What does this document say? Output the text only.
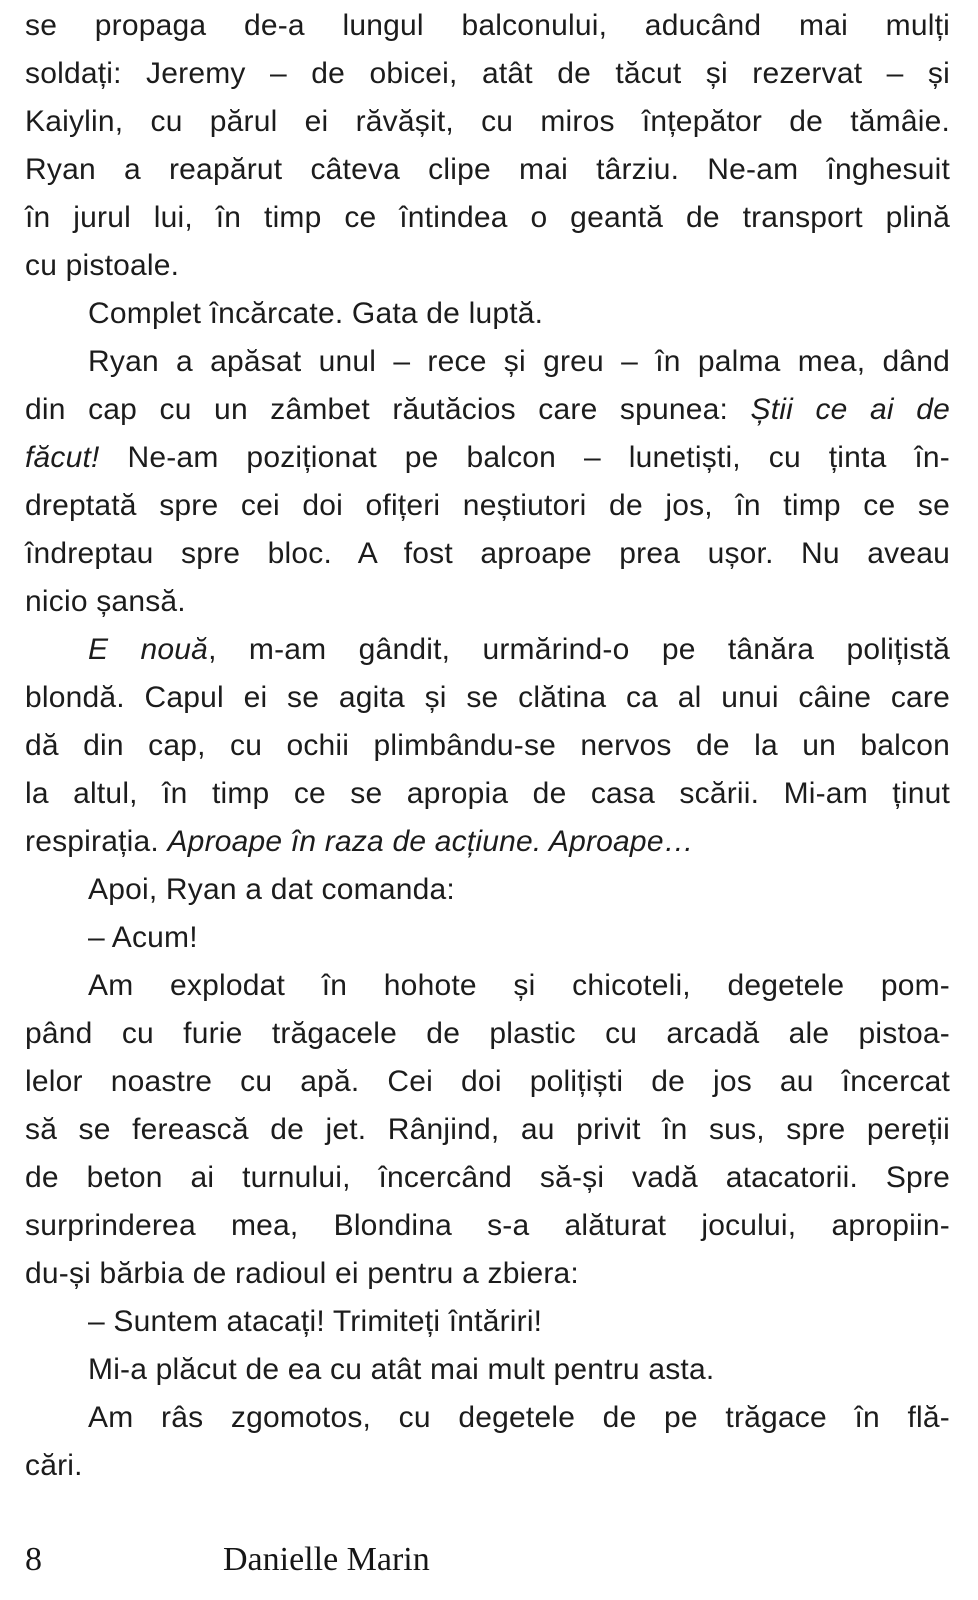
se propaga de-a lungul balconului, aducând mai mulți
soldați: Jeremy – de obicei, atât de tăcut și rezervat – și
Kaiylin, cu părul ei răvășit, cu miros înțepător de tămâie.
Ryan a reapărut câteva clipe mai târziu. Ne-am înghesuit
în jurul lui, în timp ce întindea o geantă de transport plină
cu pistoale.
Complet încărcate. Gata de luptă.
Ryan a apăsat unul – rece și greu – în palma mea, dând
din cap cu un zâmbet răutăcios care spunea: Știi ce ai de
făcut! Ne-am poziționat pe balcon – lunetiști, cu ținta în-
dreptată spre cei doi ofițeri neștiutori de jos, în timp ce se
îndreptau spre bloc. A fost aproape prea ușor. Nu aveau
nicio șansă.
E nouă, m-am gândit, urmărind-o pe tânăra polițistă
blondă. Capul ei se agita și se clătina ca al unui câine care
dă din cap, cu ochii plimbându-se nervos de la un balcon
la altul, în timp ce se apropia de casa scării. Mi-am ținut
respirația. Aproape în raza de acțiune. Aproape…
Apoi, Ryan a dat comanda:
– Acum!
Am explodat în hohote și chicoteli, degetele pom-
pând cu furie trăgacele de plastic cu arcadă ale pistoa-
lelor noastre cu apă. Cei doi polițiști de jos au încercat
să se ferească de jet. Rânjind, au privit în sus, spre pereții
de beton ai turnului, încercând să-și vadă atacatorii. Spre
surprinderea mea, Blondina s-a alăturat jocului, apropiin-
du-și bărbia de radioul ei pentru a zbiera:
– Suntem atacați! Trimiteți întăriri!
Mi-a plăcut de ea cu atât mai mult pentru asta.
Am râs zgomotos, cu degetele de pe trăgace în flă-
cări.
8	Danielle Marin
